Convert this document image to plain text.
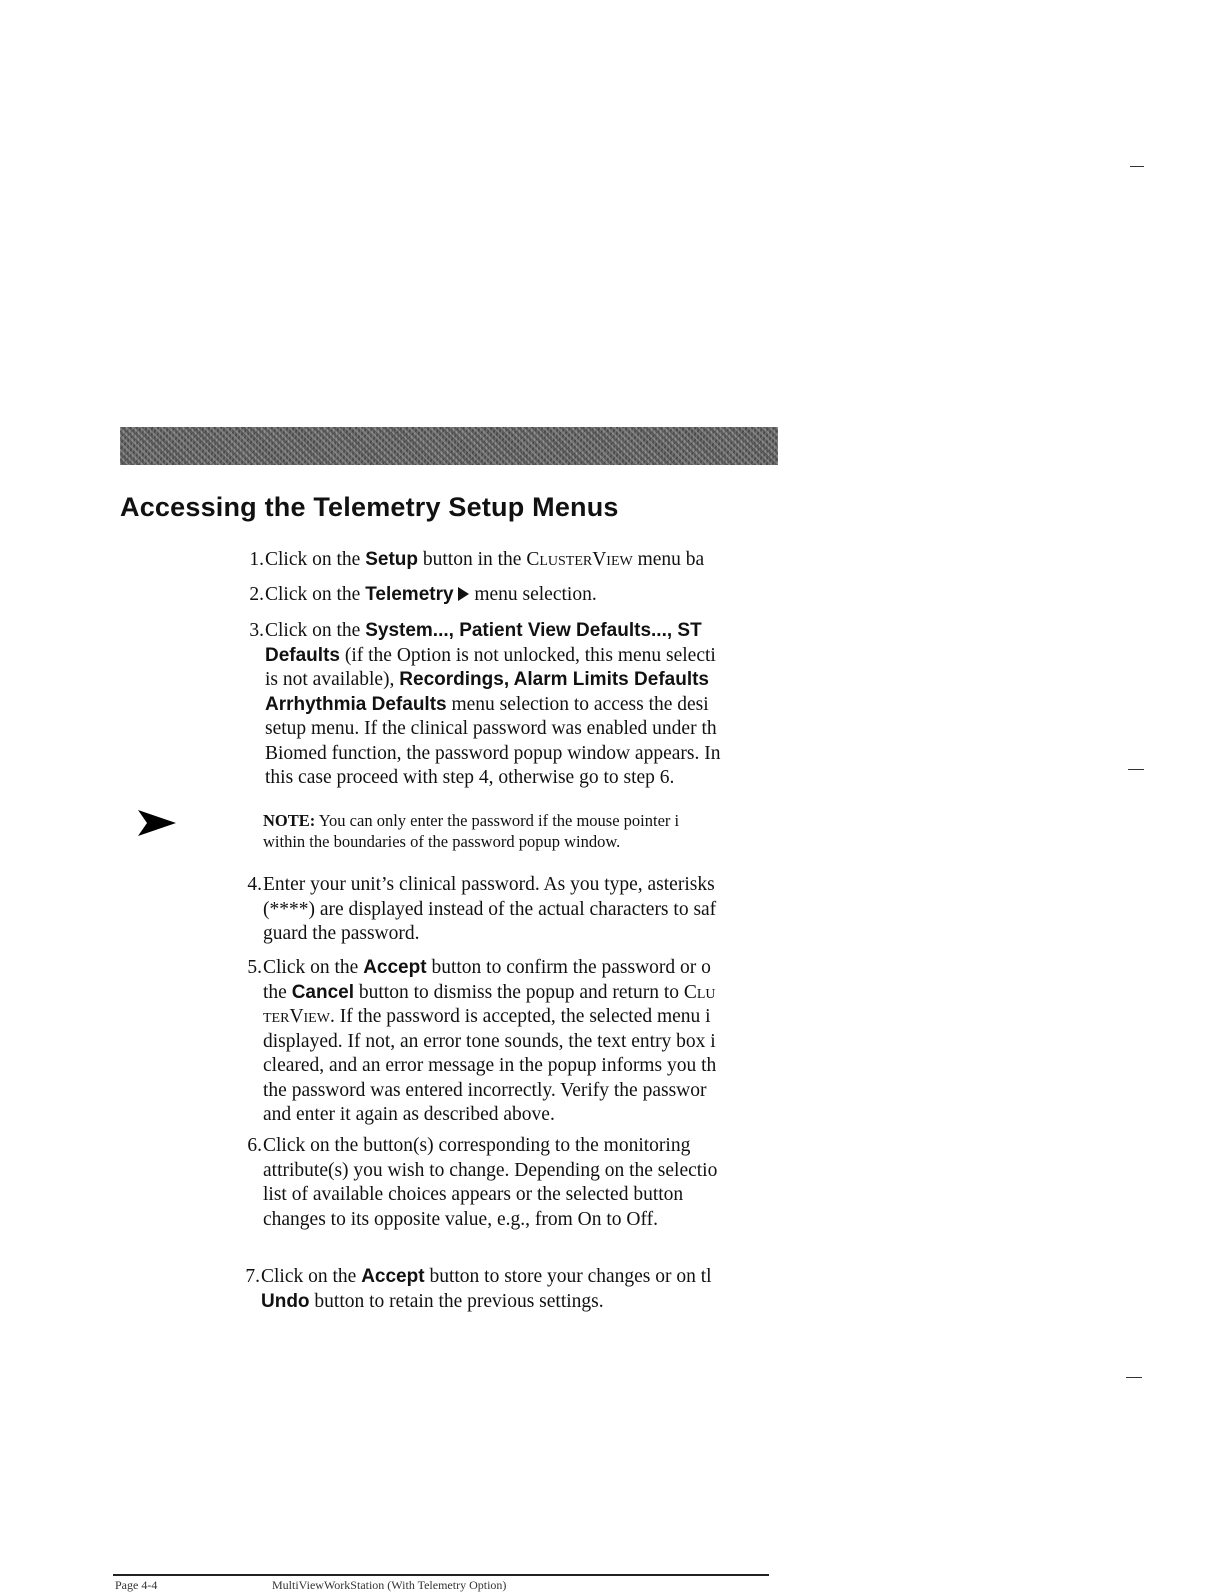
Accessing the Telemetry Setup Menus
1. Click on the Setup button in the ClusterView menu ba
2. Click on the Telemetry  menu selection.
3. Click on the System..., Patient View Defaults..., ST
Defaults (if the Option is not unlocked, this menu selecti
is not available), Recordings, Alarm Limits Defaults
Arrhythmia Defaults menu selection to access the desi
setup menu. If the clinical password was enabled under th
Biomed function, the password popup window appears. In
this case proceed with step 4, otherwise go to step 6.
4. Enter your unit’s clinical password. As you type, asterisks
(****) are displayed instead of the actual characters to saf
guard the password.
5. Click on the Accept button to confirm the password or o
the Cancel button to dismiss the popup and return to Clu
terView. If the password is accepted, the selected menu i
displayed. If not, an error tone sounds, the text entry box i
cleared, and an error message in the popup informs you th
the password was entered incorrectly. Verify the passwor
and enter it again as described above.
6. Click on the button(s) corresponding to the monitoring
attribute(s) you wish to change. Depending on the selectio
list of available choices appears or the selected button
changes to its opposite value, e.g., from On to Off.
7. Click on the Accept button to store your changes or on tl
Undo button to retain the previous settings.
NOTE: You can only enter the password if the mouse pointer i
within the boundaries of the password popup window.
Page 4-4	MultiViewWorkStation (With Telemetry Option)
